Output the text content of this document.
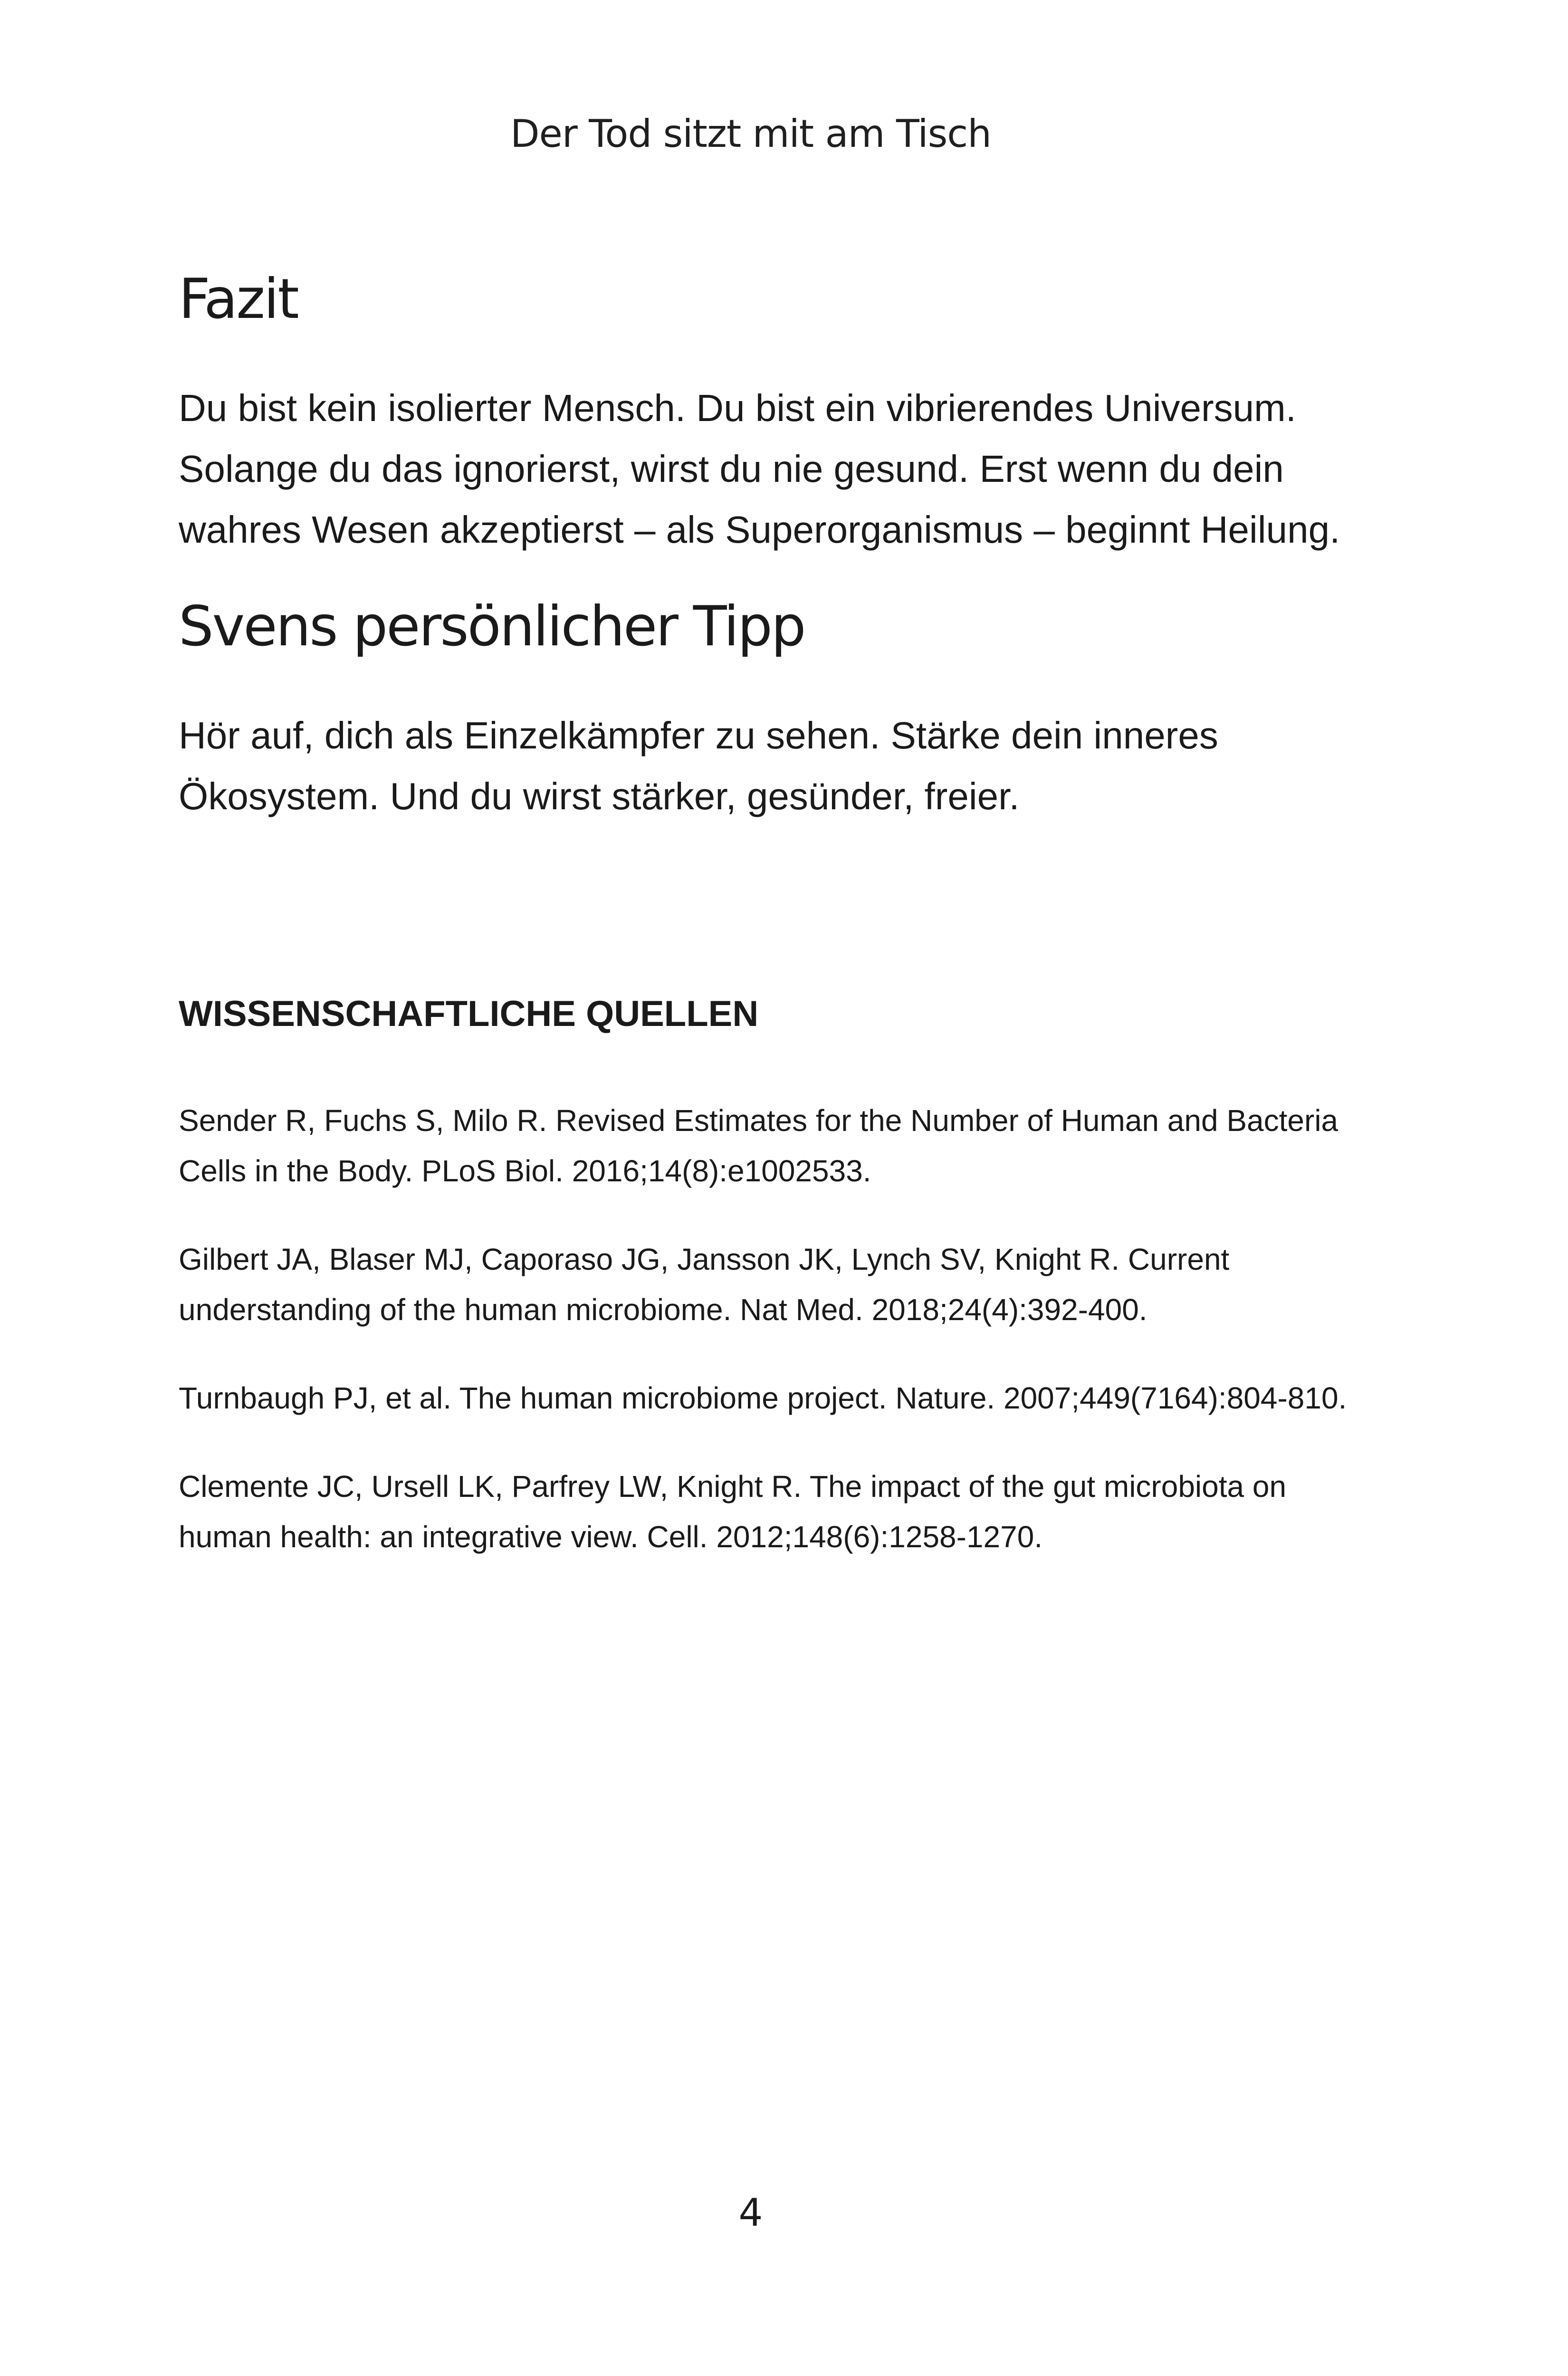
Der Tod sitzt mit am Tisch
Fazit

Du bist kein isolierter Mensch. Du bist ein vibrierendes Universum. Solange du das ignorierst, wirst du nie gesund. Erst wenn du dein wahres Wesen akzeptierst – als Superorganismus – beginnt Heilung.

Svens persönlicher Tipp

Hör auf, dich als Einzelkämpfer zu sehen. Stärke dein inneres Ökosystem. Und du wirst stärker, gesünder, freier.

WISSENSCHAFTLICHE QUELLEN
Sender R, Fuchs S, Milo R. Revised Estimates for the Number of Human and Bacteria Cells in the Body. PLoS Biol. 2016;14(8):e1002533.
Gilbert JA, Blaser MJ, Caporaso JG, Jansson JK, Lynch SV, Knight R. Current understanding of the human microbiome. Nat Med. 2018;24(4):392-400.
Turnbaugh PJ, et al. The human microbiome project. Nature. 2007;449(7164):804-810.
Clemente JC, Ursell LK, Parfrey LW, Knight R. The impact of the gut microbiota on human health: an integrative view. Cell. 2012;148(6):1258-1270.
4
